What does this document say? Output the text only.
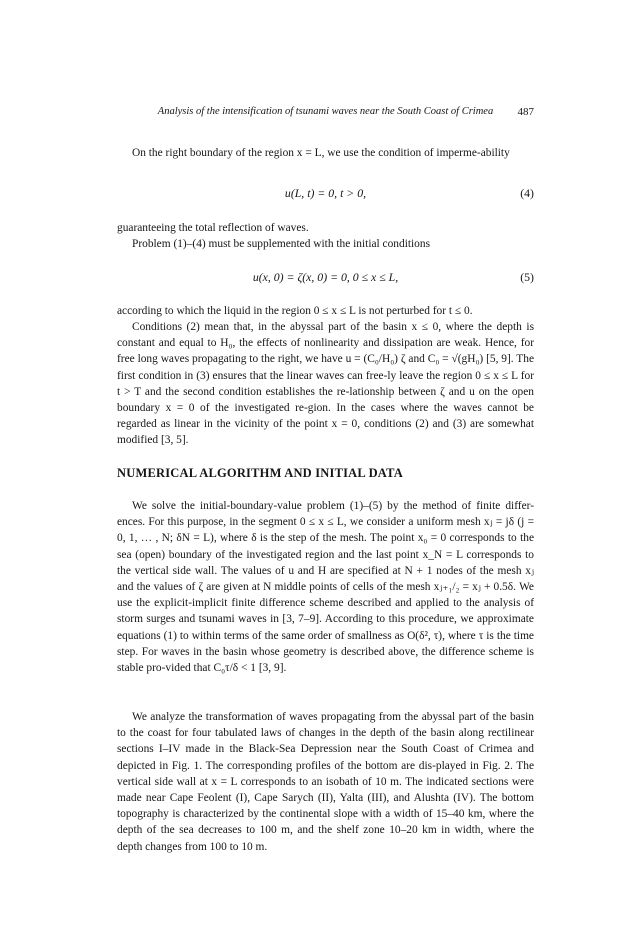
Analysis of the intensification of tsunami waves near the South Coast of Crimea 487

On the right boundary of the region x = L, we use the condition of imperme-ability

u(L, t) = 0, t > 0,	(4)

guaranteeing the total reflection of waves.

Problem (1)–(4) must be supplemented with the initial conditions

u(x, 0) = ζ(x, 0) = 0, 0 ≤ x ≤ L,	(5)

according to which the liquid in the region 0 ≤ x ≤ L is not perturbed for t ≤ 0.

Conditions (2) mean that, in the abyssal part of the basin x ≤ 0, where the depth is constant and equal to H₀, the effects of nonlinearity and dissipation are weak. Hence, for free long waves propagating to the right, we have u = (C₀/H₀) ζ and C₀ = √(gH₀) [5, 9]. The first condition in (3) ensures that the linear waves can free-ly leave the region 0 ≤ x ≤ L for t > T and the second condition establishes the re-lationship between ζ and u on the open boundary x = 0 of the investigated re-gion. In the cases where the waves cannot be regarded as linear in the vicinity of the point x = 0, conditions (2) and (3) are somewhat modified [3, 5].

NUMERICAL ALGORITHM AND INITIAL DATA

We solve the initial-boundary-value problem (1)–(5) by the method of finite differ-ences. For this purpose, in the segment 0 ≤ x ≤ L, we consider a uniform mesh xⱼ = jδ (j = 0, 1, … , N; δN = L), where δ is the step of the mesh. The point x₀ = 0 corresponds to the sea (open) boundary of the investigated region and the last point x_N = L corresponds to the vertical side wall. The values of u and H are specified at N + 1 nodes of the mesh xⱼ and the values of ζ are given at N middle points of cells of the mesh xⱼ₊₁/₂ = xⱼ + 0.5δ. We use the explicit-implicit finite difference scheme described and applied to the analysis of storm surges and tsunami waves in [3, 7–9]. According to this procedure, we approximate equations (1) to within terms of the same order of smallness as O(δ², τ), where τ is the time step. For waves in the basin whose geometry is described above, the difference scheme is stable pro-vided that C₀τ/δ < 1 [3, 9].

We analyze the transformation of waves propagating from the abyssal part of the basin to the coast for four tabulated laws of changes in the depth of the basin along rectilinear sections I–IV made in the Black-Sea Depression near the South Coast of Crimea and depicted in Fig. 1. The corresponding profiles of the bottom are dis-played in Fig. 2. The vertical side wall at x = L corresponds to an isobath of 10 m. The indicated sections were made near Cape Feolent (I), Cape Sarych (II), Yalta (III), and Alushta (IV). The bottom topography is characterized by the continental slope with a width of 15–40 km, where the depth of the sea decreases to 100 m, and the shelf zone 10–20 km in width, where the depth changes from 100 to 10 m.
